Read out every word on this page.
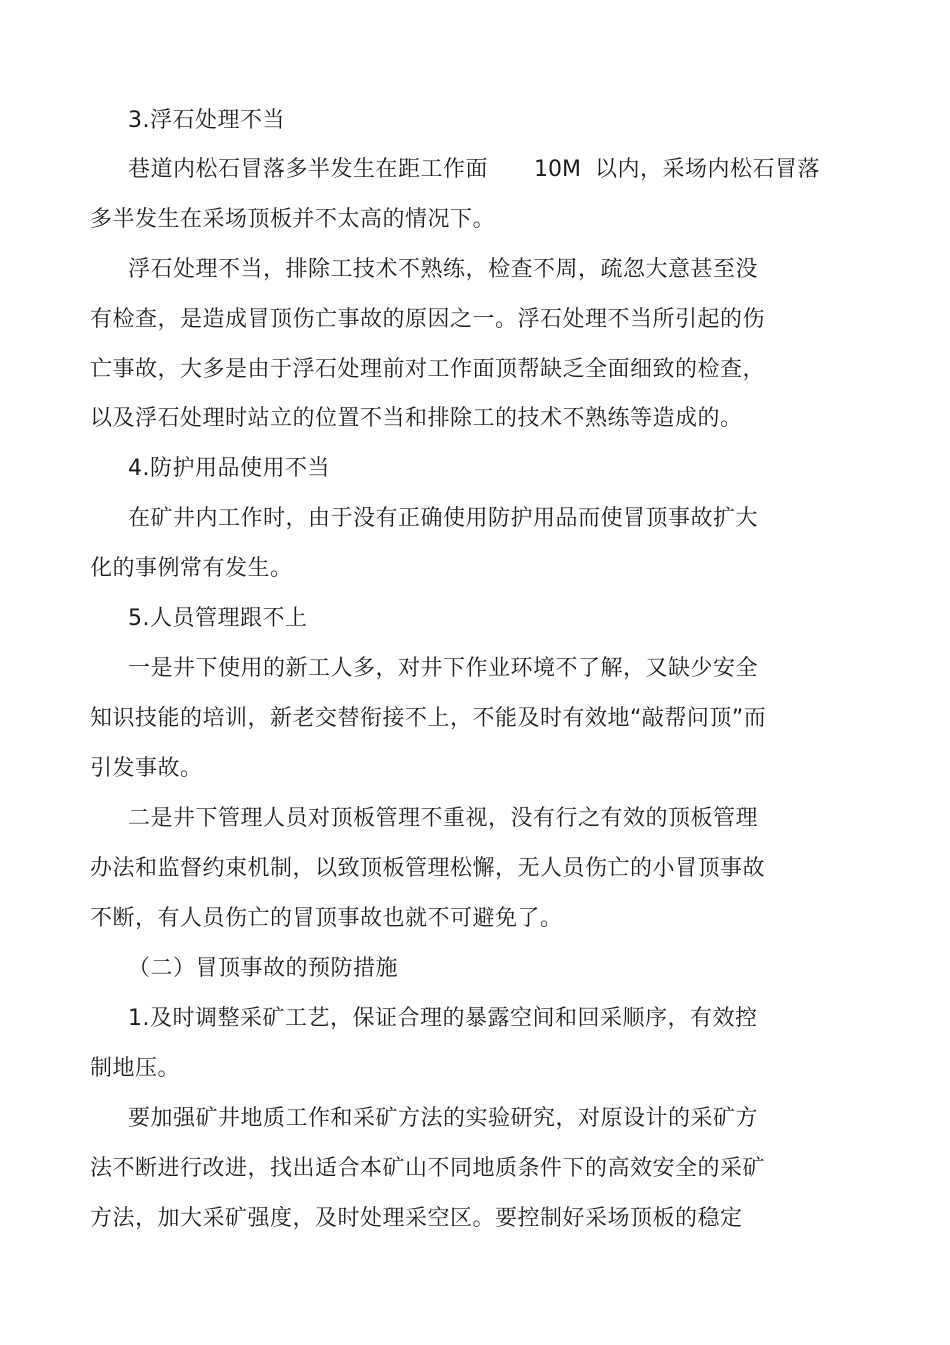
3.浮石处理不当
巷道内松石冒落多半发生在距工作面 10M 以内，采场内松石冒落
多半发生在采场顶板并不太高的情况下。
浮石处理不当，排除工技术不熟练，检查不周，疏忽大意甚至没
有检查，是造成冒顶伤亡事故的原因之一。浮石处理不当所引起的伤
亡事故，大多是由于浮石处理前对工作面顶帮缺乏全面细致的检查，
以及浮石处理时站立的位置不当和排除工的技术不熟练等造成的。
4.防护用品使用不当
在矿井内工作时，由于没有正确使用防护用品而使冒顶事故扩大
化的事例常有发生。
5.人员管理跟不上
一是井下使用的新工人多，对井下作业环境不了解，又缺少安全
知识技能的培训，新老交替衔接不上，不能及时有效地“敲帮问顶”而
引发事故。
二是井下管理人员对顶板管理不重视，没有行之有效的顶板管理
办法和监督约束机制，以致顶板管理松懈，无人员伤亡的小冒顶事故
不断，有人员伤亡的冒顶事故也就不可避免了。
（二）冒顶事故的预防措施
1.及时调整采矿工艺，保证合理的暴露空间和回采顺序，有效控
制地压。
要加强矿井地质工作和采矿方法的实验研究，对原设计的采矿方
法不断进行改进，找出适合本矿山不同地质条件下的高效安全的采矿
方法，加大采矿强度，及时处理采空区。要控制好采场顶板的稳定
